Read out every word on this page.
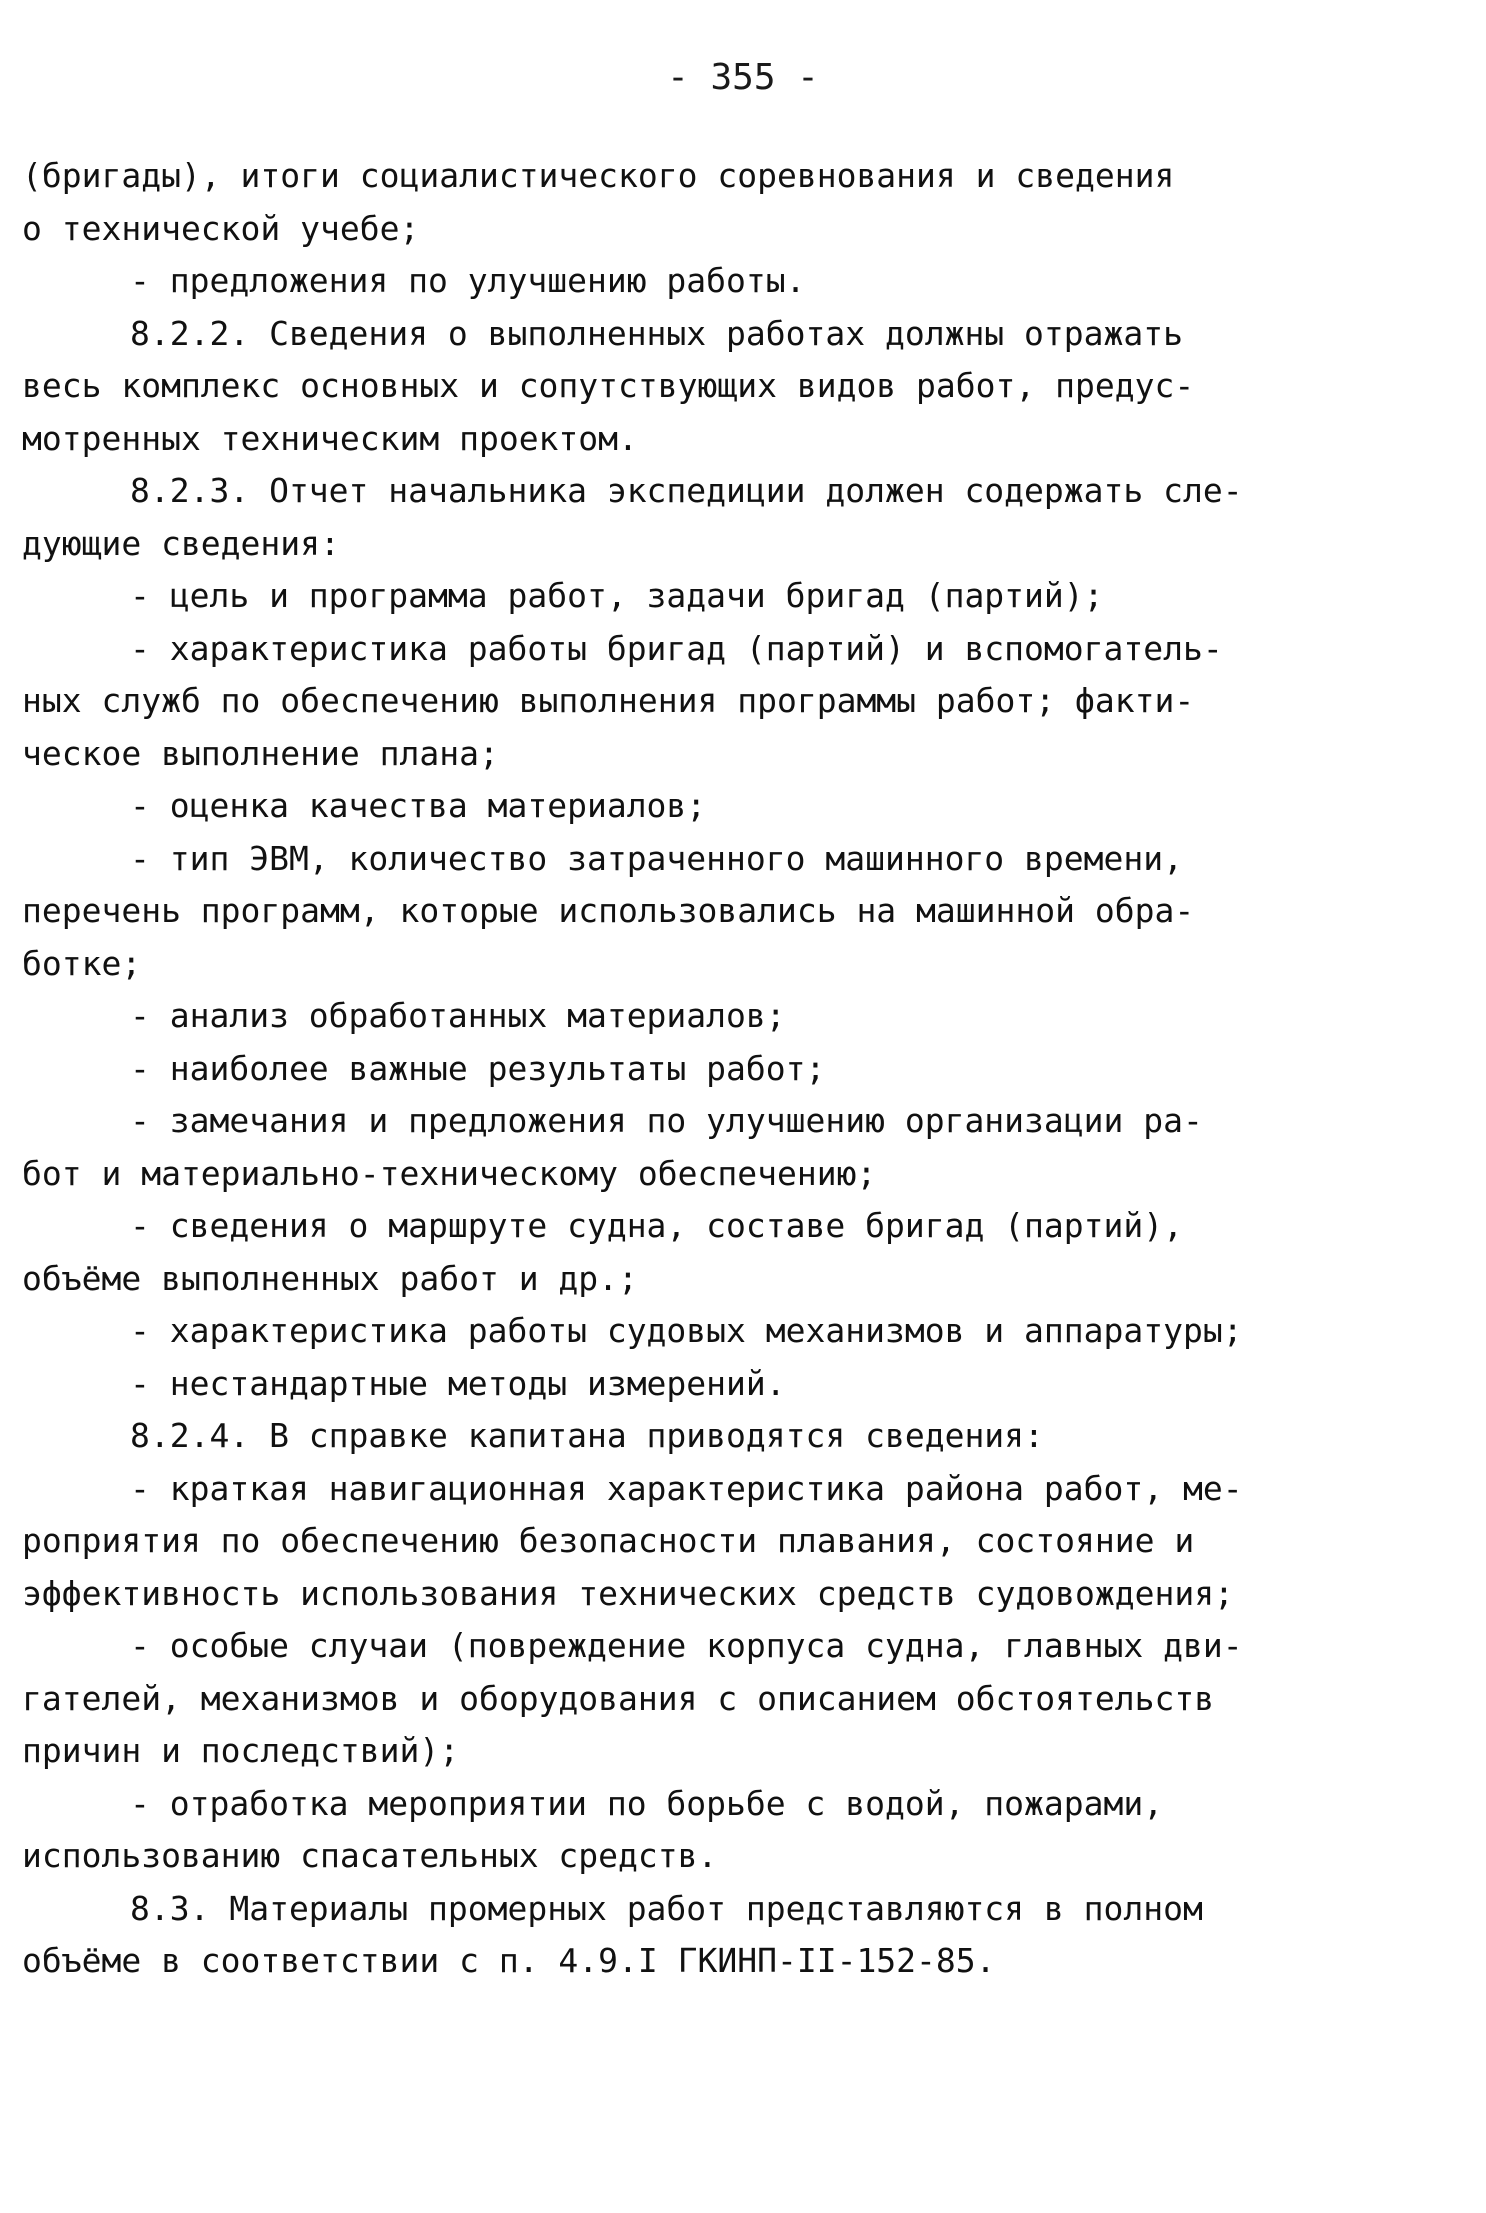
- 355 -
(бригады), итоги социалистического соревнования и сведения
о технической учебе;
- предложения по улучшению работы.
8.2.2. Сведения о выполненных работах должны отражать
весь комплекс основных и сопутствующих видов работ, предус-
мотренных техническим проектом.
8.2.3. Отчет начальника экспедиции должен содержать сле-
дующие сведения:
- цель и программа работ, задачи бригад (партий);
- характеристика работы бригад (партий) и вспомогатель-
ных служб по обеспечению выполнения программы работ; факти-
ческое выполнение плана;
- оценка качества материалов;
- тип ЭВМ, количество затраченного машинного времени,
перечень программ, которые использовались на машинной обра-
ботке;
- анализ обработанных материалов;
- наиболее важные результаты работ;
- замечания и предложения по улучшению организации ра-
бот и материально-техническому обеспечению;
- сведения о маршруте судна, составе бригад (партий),
объёме выполненных работ и др.;
- характеристика работы судовых механизмов и аппаратуры;
- нестандартные методы измерений.
8.2.4. В справке капитана приводятся сведения:
- краткая навигационная характеристика района работ, ме-
роприятия по обеспечению безопасности плавания, состояние и
эффективность использования технических средств судовождения;
- особые случаи (повреждение корпуса судна, главных дви-
гателей, механизмов и оборудования с описанием обстоятельств
причин и последствий);
- отработка мероприятии по борьбе с водой, пожарами,
использованию спасательных средств.
8.3. Материалы промерных работ представляются в полном
объёме в соответствии с п. 4.9.I ГКИНП-II-152-85.
